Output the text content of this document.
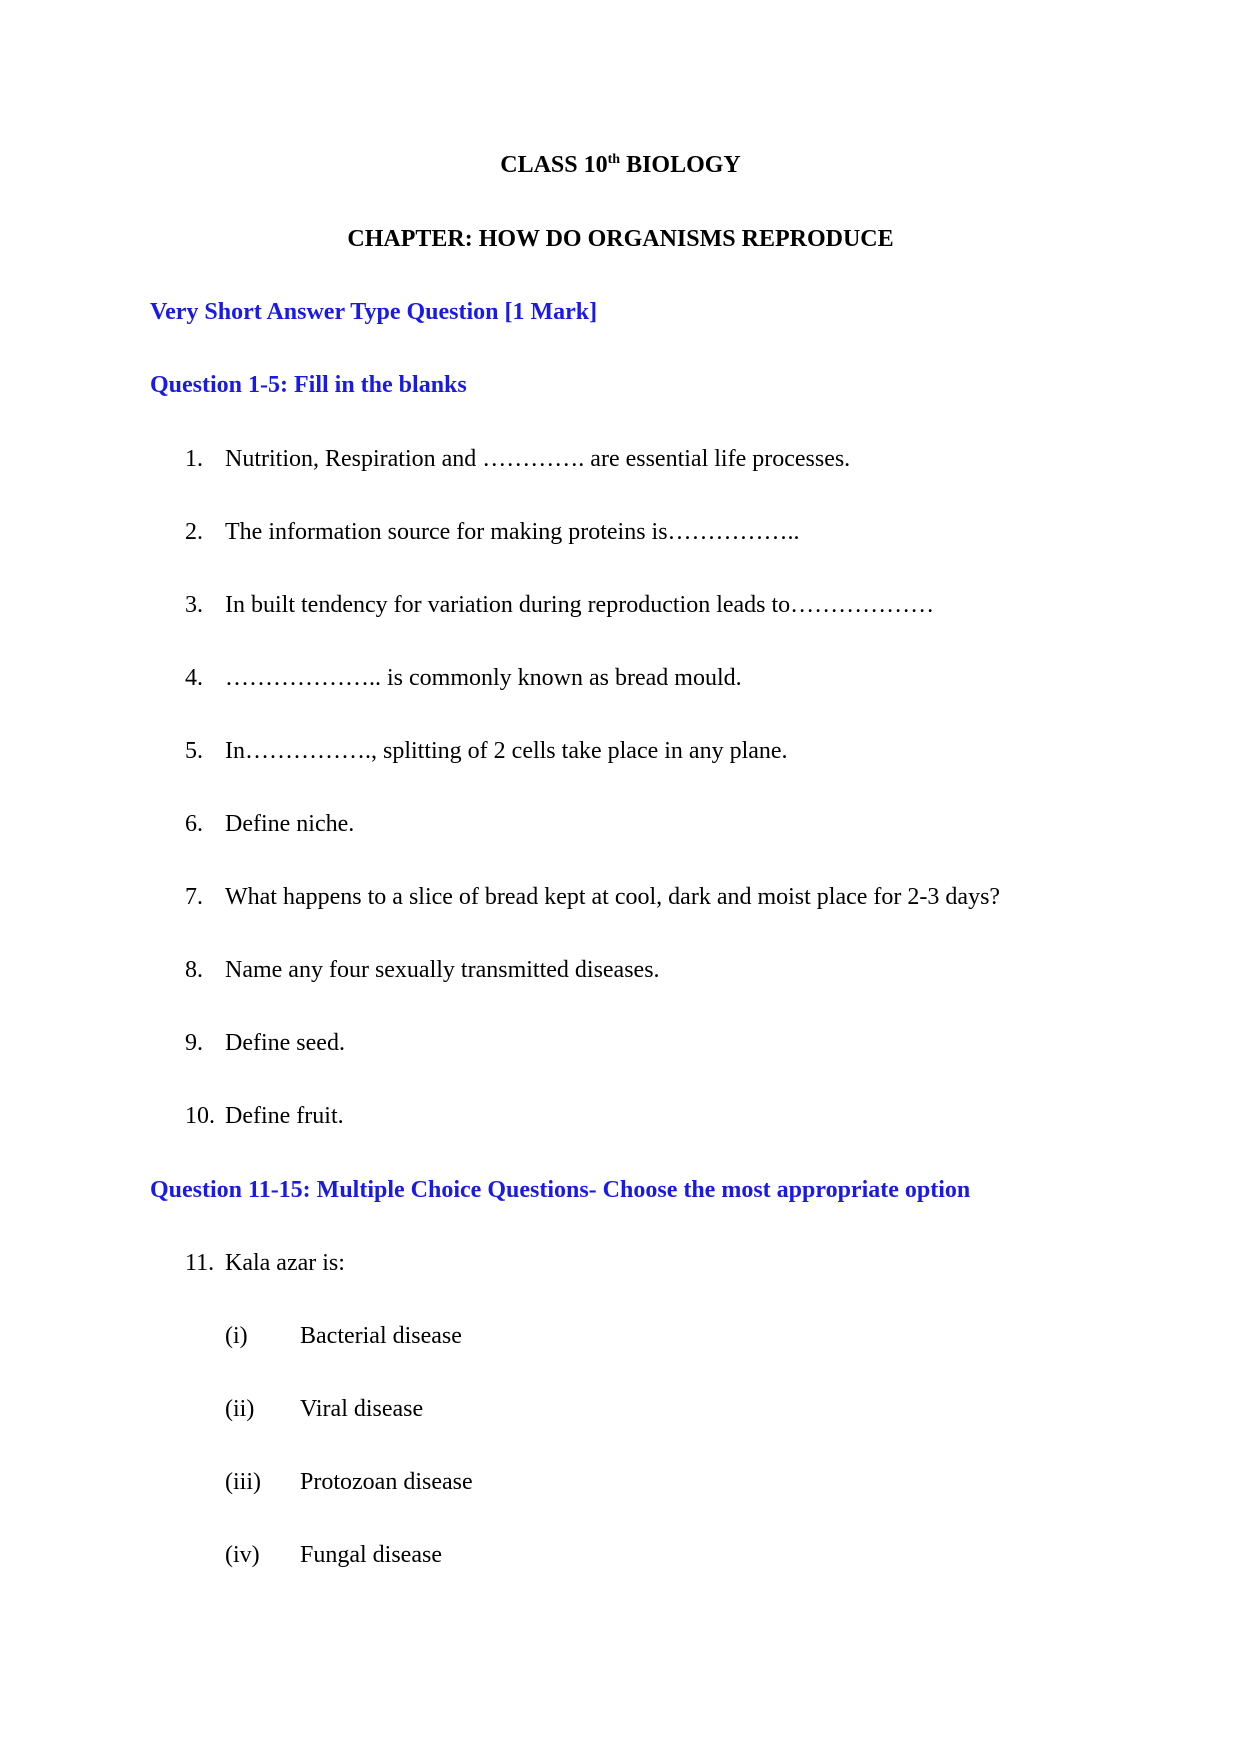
CLASS 10th BIOLOGY
CHAPTER: HOW DO ORGANISMS REPRODUCE
Very Short Answer Type Question [1 Mark]
Question 1-5: Fill in the blanks
1. Nutrition, Respiration and …………. are essential life processes.
2. The information source for making proteins is……………..
3. In built tendency for variation during reproduction leads to………………
4. ……………….. is commonly known as bread mould.
5. In……………., splitting of 2 cells take place in any plane.
6. Define niche.
7. What happens to a slice of bread kept at cool, dark and moist place for 2-3 days?
8. Name any four sexually transmitted diseases.
9. Define seed.
10. Define fruit.
Question 11-15: Multiple Choice Questions- Choose the most appropriate option
11. Kala azar is:
(i) Bacterial disease
(ii) Viral disease
(iii) Protozoan disease
(iv) Fungal disease
